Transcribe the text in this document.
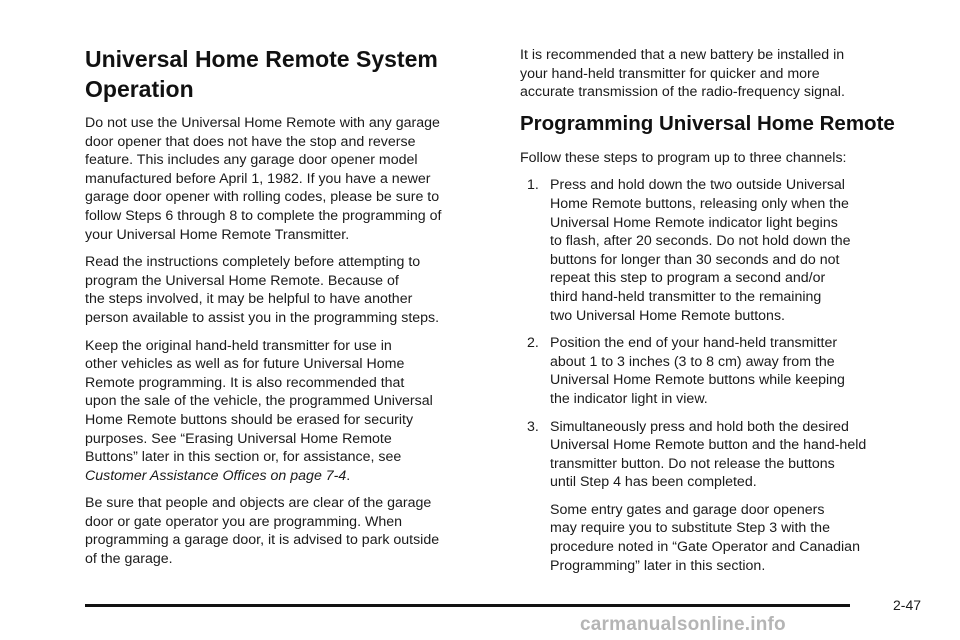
Universal Home Remote System
Operation

Do not use the Universal Home Remote with any garage
door opener that does not have the stop and reverse
feature. This includes any garage door opener model
manufactured before April 1, 1982. If you have a newer
garage door opener with rolling codes, please be sure to
follow Steps 6 through 8 to complete the programming of
your Universal Home Remote Transmitter.

Read the instructions completely before attempting to
program the Universal Home Remote. Because of
the steps involved, it may be helpful to have another
person available to assist you in the programming steps.

Keep the original hand-held transmitter for use in
other vehicles as well as for future Universal Home
Remote programming. It is also recommended that
upon the sale of the vehicle, the programmed Universal
Home Remote buttons should be erased for security
purposes. See “Erasing Universal Home Remote
Buttons” later in this section or, for assistance, see
Customer Assistance Offices on page 7-4.

Be sure that people and objects are clear of the garage
door or gate operator you are programming. When
programming a garage door, it is advised to park outside
of the garage.

It is recommended that a new battery be installed in
your hand-held transmitter for quicker and more
accurate transmission of the radio-frequency signal.

Programming Universal Home Remote

Follow these steps to program up to three channels:

1. Press and hold down the two outside Universal
Home Remote buttons, releasing only when the
Universal Home Remote indicator light begins
to flash, after 20 seconds. Do not hold down the
buttons for longer than 30 seconds and do not
repeat this step to program a second and/or
third hand-held transmitter to the remaining
two Universal Home Remote buttons.

2. Position the end of your hand-held transmitter
about 1 to 3 inches (3 to 8 cm) away from the
Universal Home Remote buttons while keeping
the indicator light in view.

3. Simultaneously press and hold both the desired
Universal Home Remote button and the hand-held
transmitter button. Do not release the buttons
until Step 4 has been completed.

Some entry gates and garage door openers
may require you to substitute Step 3 with the
procedure noted in “Gate Operator and Canadian
Programming” later in this section.

2-47
carmanualsonline.info
